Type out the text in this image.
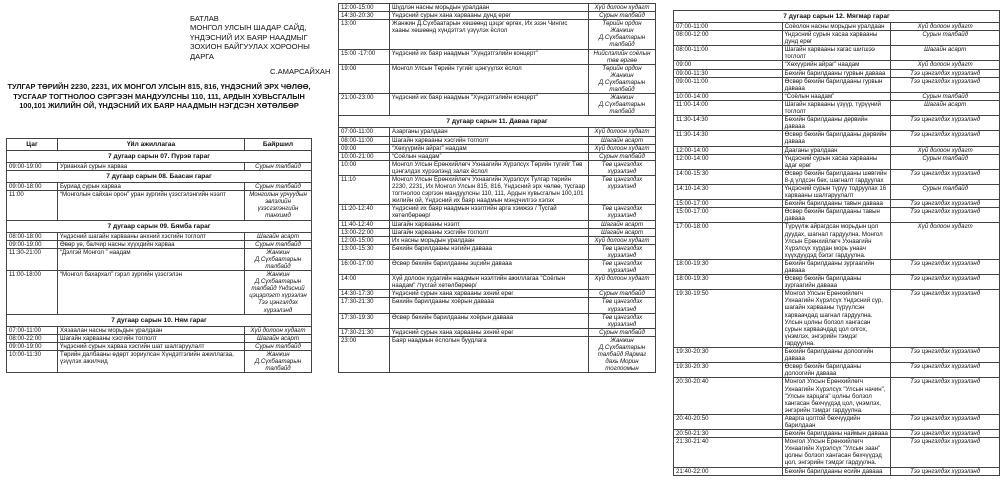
БАТЛАВ
МОНГОЛ УЛСЫН ШАДАР САЙД,
ҮНДЭСНИЙ ИХ БАЯР НААДМЫГ
ЗОХИОН БАЙГУУЛАХ ХОРООНЫ
ДАРГА
С.АМАРСАЙХАН
ТУЛГАР ТӨРИЙН 2230, 2231, ИХ МОНГОЛ УЛСЫН 815, 816, ҮНДЭСНИЙ ЭРХ ЧӨЛӨӨ,
ТУСГААР ТОГТНОЛОО СЭРГЭЭН МАНДУУЛСНЫ 110, 111, АРДЫН ХУВЬСГАЛЫН
100,101 ЖИЛИЙН ОЙ, ҮНДЭСНИЙ ИХ БАЯР НААДМЫН НЭГДСЭН ХӨТӨЛБӨР
Цаг	Үйл ажиллагаа	Байршил
7 дугаар сарын 07. Пүрэв гараг		
09:00-19:00	Урианхай сурын харваа	Сурын талбайд
7 дугаар сарын 08. Баасан гараг		
09:00-18:00	Буриад сурын харваа	Сурын талбайд
11:00	“Монголын сайхан орон” уран зургийн үзэсгэлэнгийн нээлт	Монголын урчуудын эвлэлийн үзэсгэлэнгийн танхимд
7 дугаар сарын 09. Бямба гараг		
08:00-18:00	Үндэсний шагайн харвааны анхний хэсгийн тоглолт	Шагайн асарт
09:00-19:00	Өвөр уе, балчир насны хүүхдийн харваа	Сурын талбайд
11:30-21:00	“Дэлгэй Монгол ” наадам	Жанжин Д.Сүхбаатарын талбайд
11:00-18:00	“Монгол бахархал” гэрэл зургийн үзэсгэлэн	Жанжин Д.Сүхбаатарын талбайд Үндэсний цэцэрлэгт хүрээлэн Тээ цэнгэлдэх хүрээлэнд
7 дугаар сарын 10. Ням гараг		
07:00-11:00	Хязаалан насны морьдын уралдаан	Хүй долоон худагт
08:00-22:00	Шагайн харвааны хэсгийн тоглолт	Шагайн асарт
09:00-19:00	Үндэсний сурын харваа хэсгийн шат шалгаруулалт	Сурын талбайд
10:00-11:30	Төрийн далбааны өдөрт зориулсан Хүндэтгэлийн ажиллагаа, үзүүлэх ажилчид	Жанжин Д.Сүхбаатарын талбайд
12:00-15:00	Шүдлэн насны морьдын уралдаан	Хүй долоон худагт
14:30-20:30	Үндэсний сурын хана харвааны дунд ерөг	Сурын талбайд
13:00	Жанжин Д.Сүхбаатарын хөшөөнд цэцэг өргөх, Их эзэн Чингис хааны хөшөөнд хүндэтгэл үзүүлэх ёслол	Төрийн ордон Жанжин Д.Сүхбаатарын талбайд
15:00 -17:00	Үндэсний их баяр наадмын "Хүндэтгэлийн концерт"	Нийслэлийн соёлын төв өргөө
19:00	Монгол Улсын Төрийн тугийг цэнгүүлэх ёслол	Төрийн ордон Жанжин Д.Сүхбаатарын талбайд
21:00-23:00	Үндэсний их баяр наадмын "Хүндэтгэлийн концерт"	Жанжин Д.Сүхбаатарын талбайд
7 дугаар сарын 11. Даваа гараг		
07:00-11:00	Азарганы уралдаан	Хүй долоон худагт
08:00-11:00	Шагайн харвааны хэсгийн тоглолт	Шагайн асарт
09:00	“Хөхүүрийн айраг” наадам	Хүй долоон худагт
10:00-21:00	“Соёлын наадам”	Сурын талбайд
10:00	Монгол Улсын Ерөнхийлөгч Ухнаагийн Хүрэлсүх Төрийн тугийг Төв цэнгэлдэх хүрээлэнд залах ёслол	Төв цэнгэлдэх хүрээлэнд
11:10	Монгол Улсын Ерөнхийлөгч Ухнаагийн Хүрэлсүх Тулгар төрийн 2230, 2231, Их Монгол Улсын 815, 816, Үндэсний эрх чөлөө, тусгаар тогтнолоо сэргээн мандуулсны 110, 111, Ардын хувьсгалын 100,101 жилийн ой, Үндэсний их баяр наадмын мэндчилгээ хэлэх	Төв цэнгэлдэх хүрээлэнд
11:20-12:40	Үндэсний их баяр наадмын нээлтийн арга хэмжээ / Тусгай хөтөлбөрөөр/	Төв цэнгэлдэх хүрээлэнд
11:40-12:40	Шагайн харвааны нээлт	Шагайн асарт
13:00-22:00	Шагайн харвааны хэсгийн тоглолт	Шагайн асарт
12:00-15:00	Их насны морьдын уралдаан	Хүй долоон худагт
13:00-15:30	Бөхийн барилдааны нэгийн давааа	Төв цэнгэлдэх хүрээлэнд
16:00-17:00	Өсвөр бөхийн барилдааны эцсийн давааа	Төв цэнгэлдэх хүрээлэнд
14:00	Хүй долоон худагийн наадмын нээлтийн ажиллагаа "Соёлын наадам" /тусгай хөтөлбөрөөр/	Хүй долоон худагт
14:30-17:30	Үндэсний сурын хана харвааны эхний ерөг	Сурын талбайд
17:30-21:30	Бөхийн барилдааны хоёрын давааа	Төв цэнгэлдэх хүрээлэнд
17:30-19:30	Өсвөр бөхийн барилдааны хоёрын давааа	Төв цэнгэлдэх хүрээлэнд
17:30-21:30	Үндэсний сурын хана харвааны эхний ерөг	Сурын талбайд
23:00	Баяр наадмын ёслолын буудлага	Жанжин Д.Сүхбаатарын талбайд Яармаг дахь Морин тоглоомын
7 дугаар сарын 12. Мягмар гараг		
07:00-11:00	Соёолон насны морьдын уралдаан	Хүй долоон худагт
08:00-12:00	Үндэсний сурын хасаа харвааны дунд ерөг	Сурын талбайд
08:00-11:00	Шагайн харвааны хагас шигшээ тоглолт	Шагайн асарт
09:00	“Хөхүүрийн айраг” наадам	Хүй долоон худагт
09:00-11:30	Бөхийн барилдааны гурвын давааа	Тээ цэнгэлдэх хүрээлэнд
09:00-11:00	Өсвөр бөхийн барилдааны гурвын давааа	Тээ цэнгэлдэх хүрээлэнд
10:00-14:00	“Соёлын наадам”	Сурын талбайд
11:00-14:00	Шагайн харвааны үзүүр, түрүүний тоглолт	Шагайн асарт
11:30-14:30	Бөхийн барилдааны дөрвийн давааа	Тээ цэнгэлдэх хүрээлэнд
11:30-14:30	Өсвөр бөхийн барилдааны дөрвийн давааа	Тээ цэнгэлдэх хүрээлэнд
12:00-14:00	Дааганы уралдаан	Хүй долоон худагт
12:00-14:00	Үндэсний сурын хасаа харвааны адаг ерөг	Сурын талбайд
14:00-15:30	Өсвөр бөхийн барилдааны шөвгийн 8-д үлдсэн бөх, шагналт гардуулах	Тээ цэнгэлдэх хүрээлэнд
14:10-14:30	Үндэсний сурын түрүү тодруулах 16 харвааны шалгаруулалт	Сурын талбайд
15:00-17:00	Бөхийн барилдааны тавын давааа	Тээ цэнгэлдэх хүрээлэнд
15:00-17:00	Өсвөр бөхийн барилдааны тавын давааа	Тээ цэнгэлдэх хүрээлэнд
17:00-18:00	Түрүүлж айрагдсан морьдын цол дуудах, шагнал гардуулна. Монгол Улсын Ерөнхийлөгч Ухнаагийн Хүрэлсүх хурдан морь унаач хүүхдүүдэд бэлэг гардуулна.	Хүй долоон худагт
18:00-19:30	Бөхийн барилдааны зургаагийн давааа	Тээ цэнгэлдэх хүрээлэнд
18:00-19:30	Өсвөр бөхийн барилдааны зургаагийн давааа	Тээ цэнгэлдэх хүрээлэнд
19:30-19:50	Монгол Улсын Ерөнхийлөгч Ухнаагийн Хүрэлсүх Үндэсний сур, шагайн харвааны түрүүлсэн харваачдад шагнал гардуулна. Улсын цолны болзол хангасан сурын харваачдад цол олгох, үнэмлэх, энгэрийн тэмдэг гардуулна.	Тээ цэнгэлдэх хүрээлэнд
19:30-20:30	Бөхийн барилдааны долоогийн давааа	Тээ цэнгэлдэх хүрээлэнд
19:30-20:30	Өсвөр бөхийн барилдааны долоогийн давааа	Тээ цэнгэлдэх хүрээлэнд
20:30-20:40	Монгол Улсын Ерөнхийлөгч Ухнаагийн Хүрэлсүх "Улсын начин", "Улсын харцага" цолны болзол хангасан бөхчүүдэд цол, үнэмлэх, энгэрийн тэмдэг гардуулна.	Тээ цэнгэлдэх хүрээлэнд
20:40-20:50	Аварга цолтой бөхчүүдийн барилдаан	Тээ цэнгэлдэх хүрээлэнд
20:50-21:30	Бөхийн барилдааны наймын давааа	Тээ цэнгэлдэх хүрээлэнд
21:30-21:40	Монгол Улсын Ерөнхийлөгч Ухнаагийн Хүрэлсүх "Улсын заан" цолны болзол хангасан бөхчүүдэд цол, энгэрийн тэмдэг гардуулна.	Тээ цэнгэлдэх хүрээлэнд
21:40-22:00	Бөхийн барилдааны есийн давааа	Тээ цэнгэлдэх хүрээлэнд
